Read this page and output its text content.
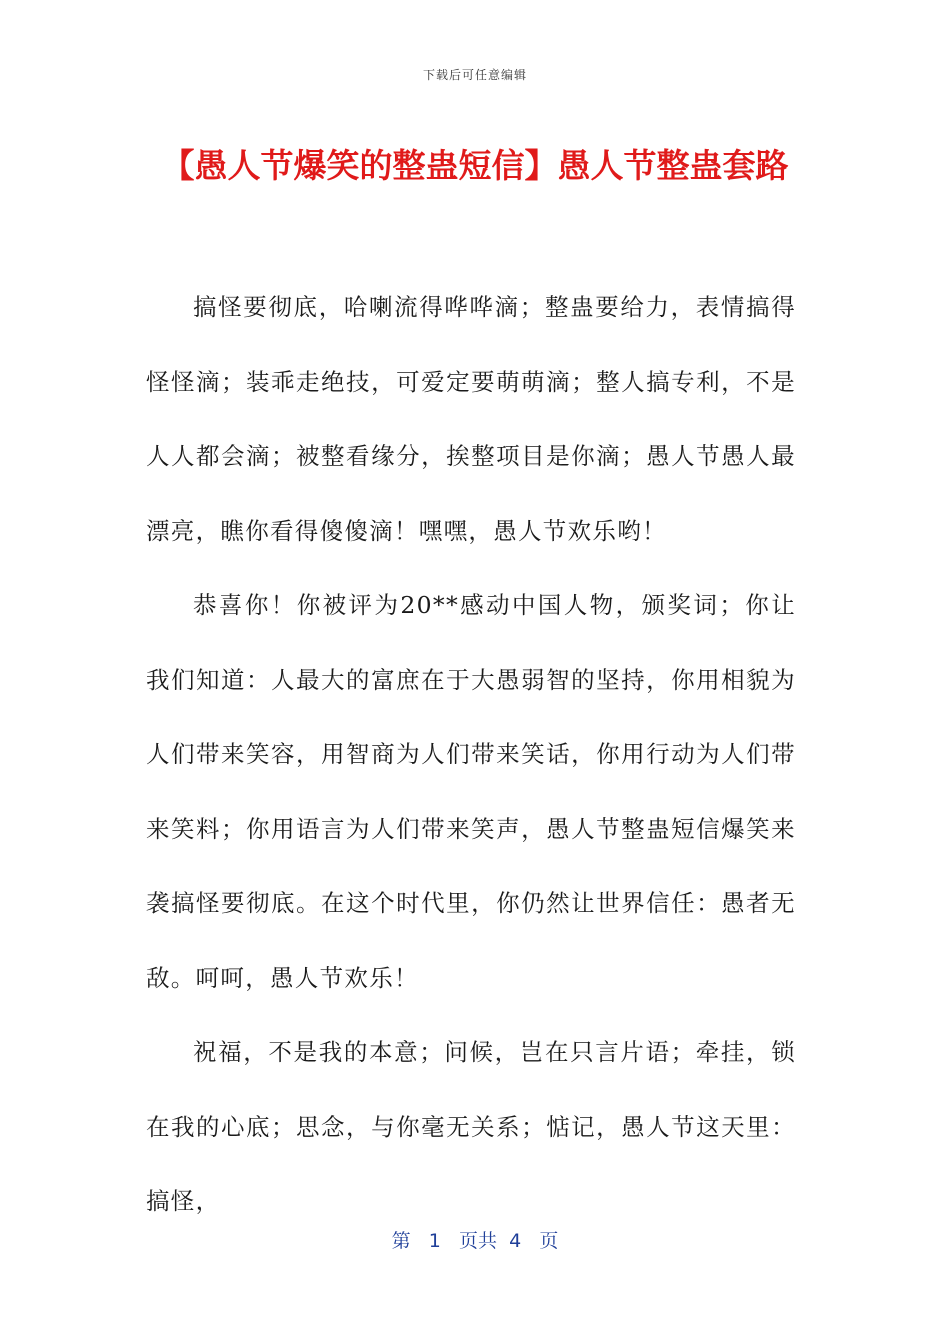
下载后可任意编辑
【愚人节爆笑的整蛊短信】愚人节整蛊套路

搞怪要彻底，哈喇流得哗哗滴；整蛊要给力，表情搞得怪怪滴；装乖走绝技，可爱定要萌萌滴；整人搞专利，不是人人都会滴；被整看缘分，挨整项目是你滴；愚人节愚人最漂亮，瞧你看得傻傻滴！嘿嘿，愚人节欢乐哟！

恭喜你！你被评为20**感动中国人物，颁奖词；你让我们知道：人最大的富庶在于大愚弱智的坚持，你用相貌为人们带来笑容，用智商为人们带来笑话，你用行动为人们带来笑料；你用语言为人们带来笑声，愚人节整蛊短信爆笑来袭搞怪要彻底。在这个时代里，你仍然让世界信任：愚者无敌。呵呵，愚人节欢乐！

祝福，不是我的本意；问候，岂在只言片语；牵挂，锁在我的心底；思念，与你毫无关系；惦记，愚人节这天里：搞怪，

第 1 页共 4 页
